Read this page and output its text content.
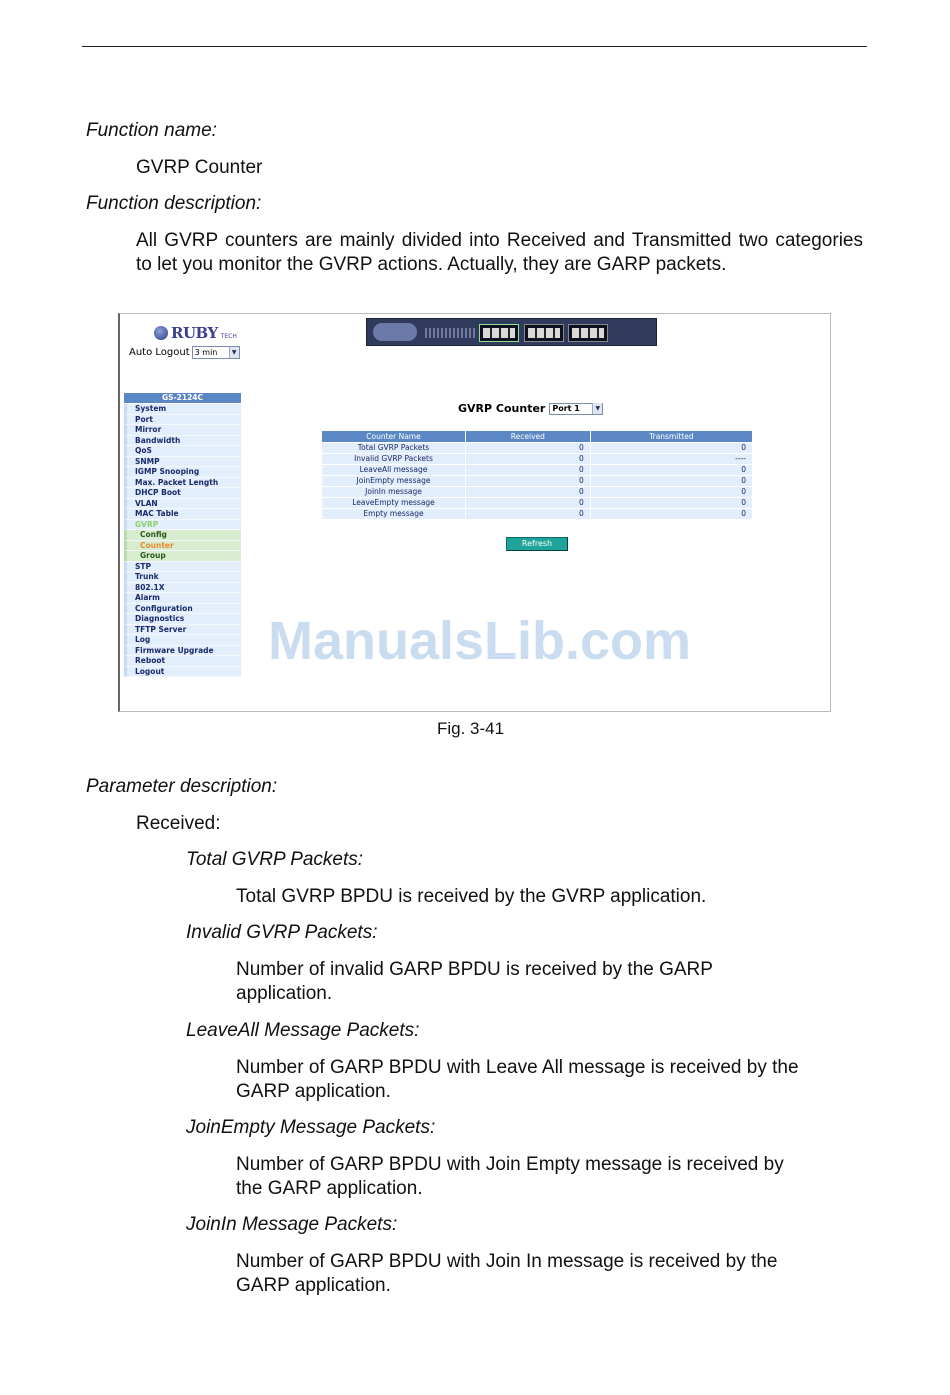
Function name:
GVRP Counter
Function description:
All GVRP counters are mainly divided into Received and Transmitted two categories to let you monitor the GVRP actions. Actually, they are GARP packets.
RUBY TECH
Auto Logout 3 min	▼
GS-2124C
System
Port
Mirror
Bandwidth
QoS
SNMP
IGMP Snooping
Max. Packet Length
DHCP Boot
VLAN
MAC Table
GVRP
Config
Counter
Group
STP
Trunk
802.1X
Alarm
Configuration
Diagnostics
TFTP Server
Log
Firmware Upgrade
Reboot
Logout
GVRP Counter Port 1	▼
Counter Name	Received	Transmitted
Total GVRP Packets	0	0
Invalid GVRP Packets	0	----
LeaveAll message	0	0
JoinEmpty message	0	0
JoinIn message	0	0
LeaveEmpty message	0	0
Empty message	0	0
Refresh
ManualsLib.com
Fig. 3-41
Parameter description:
Received:
Total GVRP Packets:
Total GVRP BPDU is received by the GVRP application.
Invalid GVRP Packets:
Number of invalid GARP BPDU is received by the GARP
application.
LeaveAll Message Packets:
Number of GARP BPDU with Leave All message is received by the
GARP application.
JoinEmpty Message Packets:
Number of GARP BPDU with Join Empty message is received by
the GARP application.
JoinIn Message Packets:
Number of GARP BPDU with Join In message is received by the
GARP application.
